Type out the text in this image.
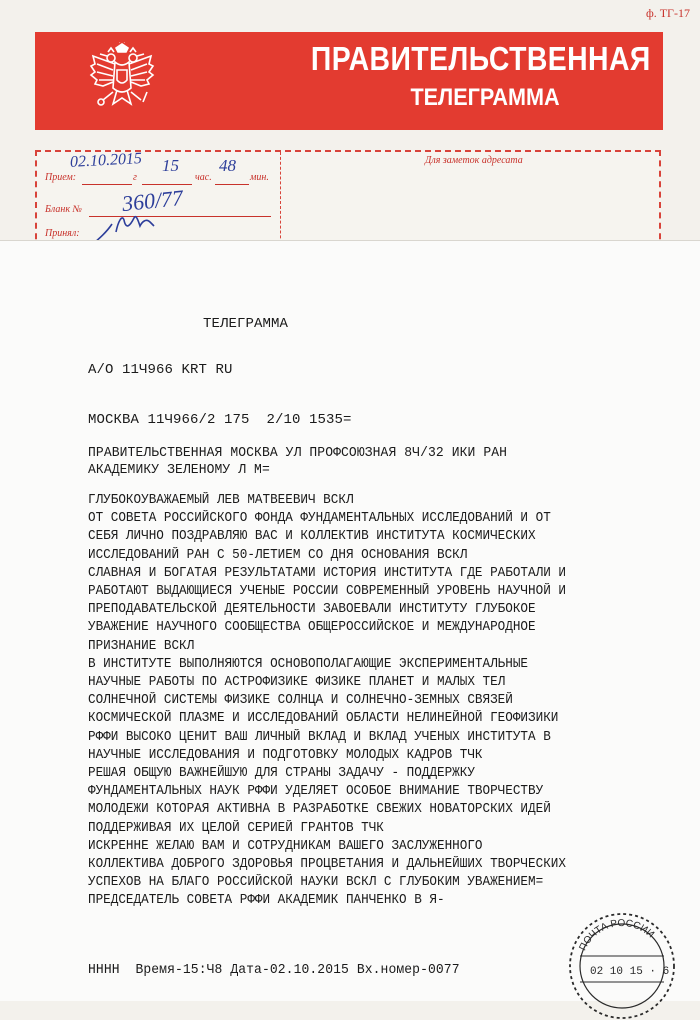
ф. ТГ-17
ПРАВИТЕЛЬСТВЕННАЯ
ТЕЛЕГРАММА
Прием:	г	час.	мин.
Бланк №
Принял:
Для заметок адресата
02.10.2015 15 48
360/77
ТЕЛЕГРАММА
А/О 11Ч966 KRT RU
МОСКВА 11Ч966/2 175  2/10 1535=
ПРАВИТЕЛЬСТВЕННАЯ МОСКВА УЛ ПРОФСОЮЗНАЯ 8Ч/32 ИКИ РАН
АКАДЕМИКУ ЗЕЛЕНОМУ Л М=
ГЛУБОКОУВАЖАЕМЫЙ ЛЕВ МАТВЕЕВИЧ ВСКЛ
ОТ СОВЕТА РОССИЙСКОГО ФОНДА ФУНДАМЕНТАЛЬНЫХ ИССЛЕДОВАНИЙ И ОТ
СЕБЯ ЛИЧНО ПОЗДРАВЛЯЮ ВАС И КОЛЛЕКТИВ ИНСТИТУТА КОСМИЧЕСКИХ
ИССЛЕДОВАНИЙ РАН С 50-ЛЕТИЕМ СО ДНЯ ОСНОВАНИЯ ВСКЛ
СЛАВНАЯ И БОГАТАЯ РЕЗУЛЬТАТАМИ ИСТОРИЯ ИНСТИТУТА ГДЕ РАБОТАЛИ И
РАБОТАЮТ ВЫДАЮЩИЕСЯ УЧЕНЫЕ РОССИИ СОВРЕМЕННЫЙ УРОВЕНЬ НАУЧНОЙ И
ПРЕПОДАВАТЕЛЬСКОЙ ДЕЯТЕЛЬНОСТИ ЗАВОЕВАЛИ ИНСТИТУТУ ГЛУБОКОЕ
УВАЖЕНИЕ НАУЧНОГО СООБЩЕСТВА ОБЩЕРОССИЙСКОЕ И МЕЖДУНАРОДНОЕ
ПРИЗНАНИЕ ВСКЛ
В ИНСТИТУТЕ ВЫПОЛНЯЮТСЯ ОСНОВОПОЛАГАЮЩИЕ ЭКСПЕРИМЕНТАЛЬНЫЕ
НАУЧНЫЕ РАБОТЫ ПО АСТРОФИЗИКЕ ФИЗИКЕ ПЛАНЕТ И МАЛЫХ ТЕЛ
СОЛНЕЧНОЙ СИСТЕМЫ ФИЗИКЕ СОЛНЦА И СОЛНЕЧНО-ЗЕМНЫХ СВЯЗЕЙ
КОСМИЧЕСКОЙ ПЛАЗМЕ И ИССЛЕДОВАНИЙ ОБЛАСТИ НЕЛИНЕЙНОЙ ГЕОФИЗИКИ
РФФИ ВЫСОКО ЦЕНИТ ВАШ ЛИЧНЫЙ ВКЛАД И ВКЛАД УЧЕНЫХ ИНСТИТУТА В
НАУЧНЫЕ ИССЛЕДОВАНИЯ И ПОДГОТОВКУ МОЛОДЫХ КАДРОВ ТЧК
РЕШАЯ ОБЩУЮ ВАЖНЕЙШУЮ ДЛЯ СТРАНЫ ЗАДАЧУ - ПОДДЕРЖКУ
ФУНДАМЕНТАЛЬНЫХ НАУК РФФИ УДЕЛЯЕТ ОСОБОЕ ВНИМАНИЕ ТВОРЧЕСТВУ
МОЛОДЕЖИ КОТОРАЯ АКТИВНА В РАЗРАБОТКЕ СВЕЖИХ НОВАТОРСКИХ ИДЕЙ
ПОДДЕРЖИВАЯ ИХ ЦЕЛОЙ СЕРИЕЙ ГРАНТОВ ТЧК
ИСКРЕННЕ ЖЕЛАЮ ВАМ И СОТРУДНИКАМ ВАШЕГО ЗАСЛУЖЕННОГО
КОЛЛЕКТИВА ДОБРОГО ЗДОРОВЬЯ ПРОЦВЕТАНИЯ И ДАЛЬНЕЙШИХ ТВОРЧЕСКИХ
УСПЕХОВ НА БЛАГО РОССИЙСКОЙ НАУКИ ВСКЛ С ГЛУБОКИМ УВАЖЕНИЕМ=
ПРЕДСЕДАТЕЛЬ СОВЕТА РФФИ АКАДЕМИК ПАНЧЕНКО В Я-
НННН  Время-15:Ч8 Дата-02.10.2015 Вх.номер-0077
ПОЧТА РОССИИ
02 10 15 · 6
